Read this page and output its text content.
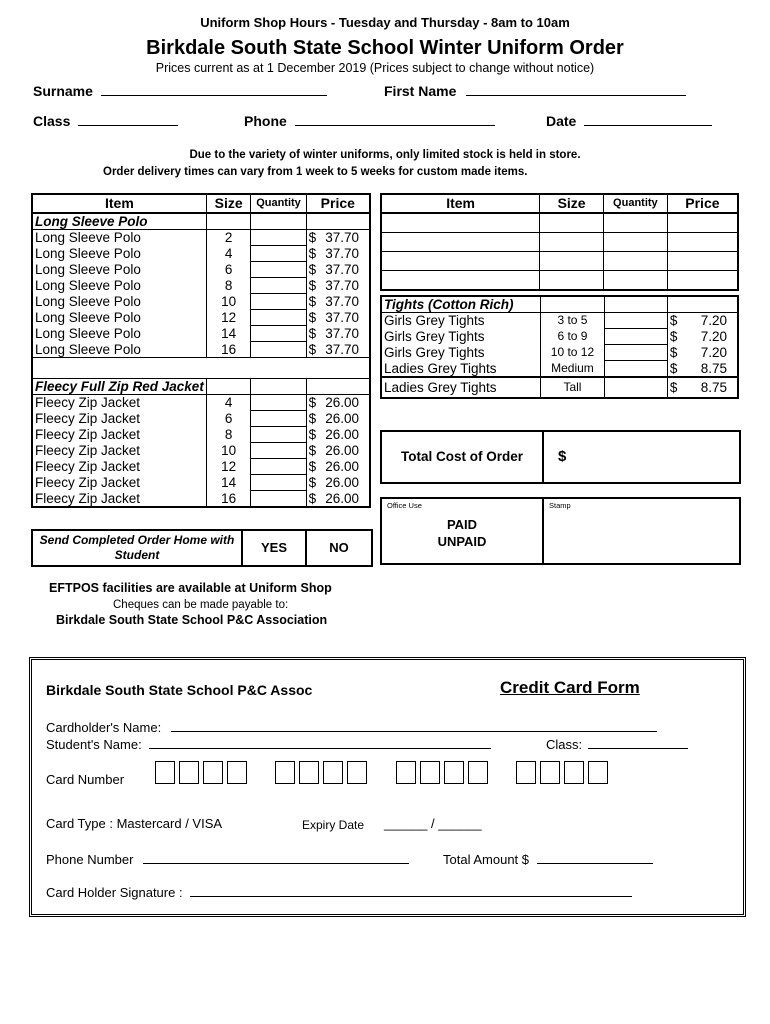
Uniform Shop Hours - Tuesday and Thursday - 8am to 10am
Birkdale South State School Winter Uniform Order
Prices current as at 1 December 2019 (Prices subject to change without notice)
Surname	First Name
Class	Phone	Date
Due to the variety of winter uniforms, only limited stock is held in store.
Order delivery times can vary from 1 week to 5 weeks for custom made items.
Item	Size	Quantity	Price
Long Sleeve Polo			
Long Sleeve Polo	2		$ 37.70

Long Sleeve Polo	4		$ 37.70

Long Sleeve Polo	6		$ 37.70

Long Sleeve Polo	8		$ 37.70

Long Sleeve Polo	10		$ 37.70

Long Sleeve Polo	12		$ 37.70

Long Sleeve Polo	14		$ 37.70

Long Sleeve Polo	16		$ 37.70

Fleecy Full Zip Red Jacket			
Fleecy Zip Jacket	4		$ 26.00

Fleecy Zip Jacket	6		$ 26.00

Fleecy Zip Jacket	8		$ 26.00

Fleecy Zip Jacket	10		$ 26.00

Fleecy Zip Jacket	12		$ 26.00

Fleecy Zip Jacket	14		$ 26.00

Fleecy Zip Jacket	16		$ 26.00
Send Completed Order Home with Student	YES	NO
Item	Size	Quantity	Price

Tights (Cotton Rich)			
Girls Grey Tights	3 to 5		$ 7.20

Girls Grey Tights	6 to 9		$ 7.20

Girls Grey Tights	10 to 12		$ 7.20

Ladies Grey Tights	Medium		$ 8.75

Ladies Grey Tights	Tall		$ 8.75
Total Cost of Order	$
Office Use
PAID
UNPAID
Stamp
EFTPOS facilities are available at Uniform Shop
Cheques can be made payable to:
Birkdale South State School P&C Association
Birkdale South State School P&C Assoc	Credit Card Form
Cardholder's Name:
Student's Name:	Class:
Card Number

Card Type : Mastercard / VISA	Expiry Date ______ / ______
Phone Number	Total Amount $
Card Holder Signature :
